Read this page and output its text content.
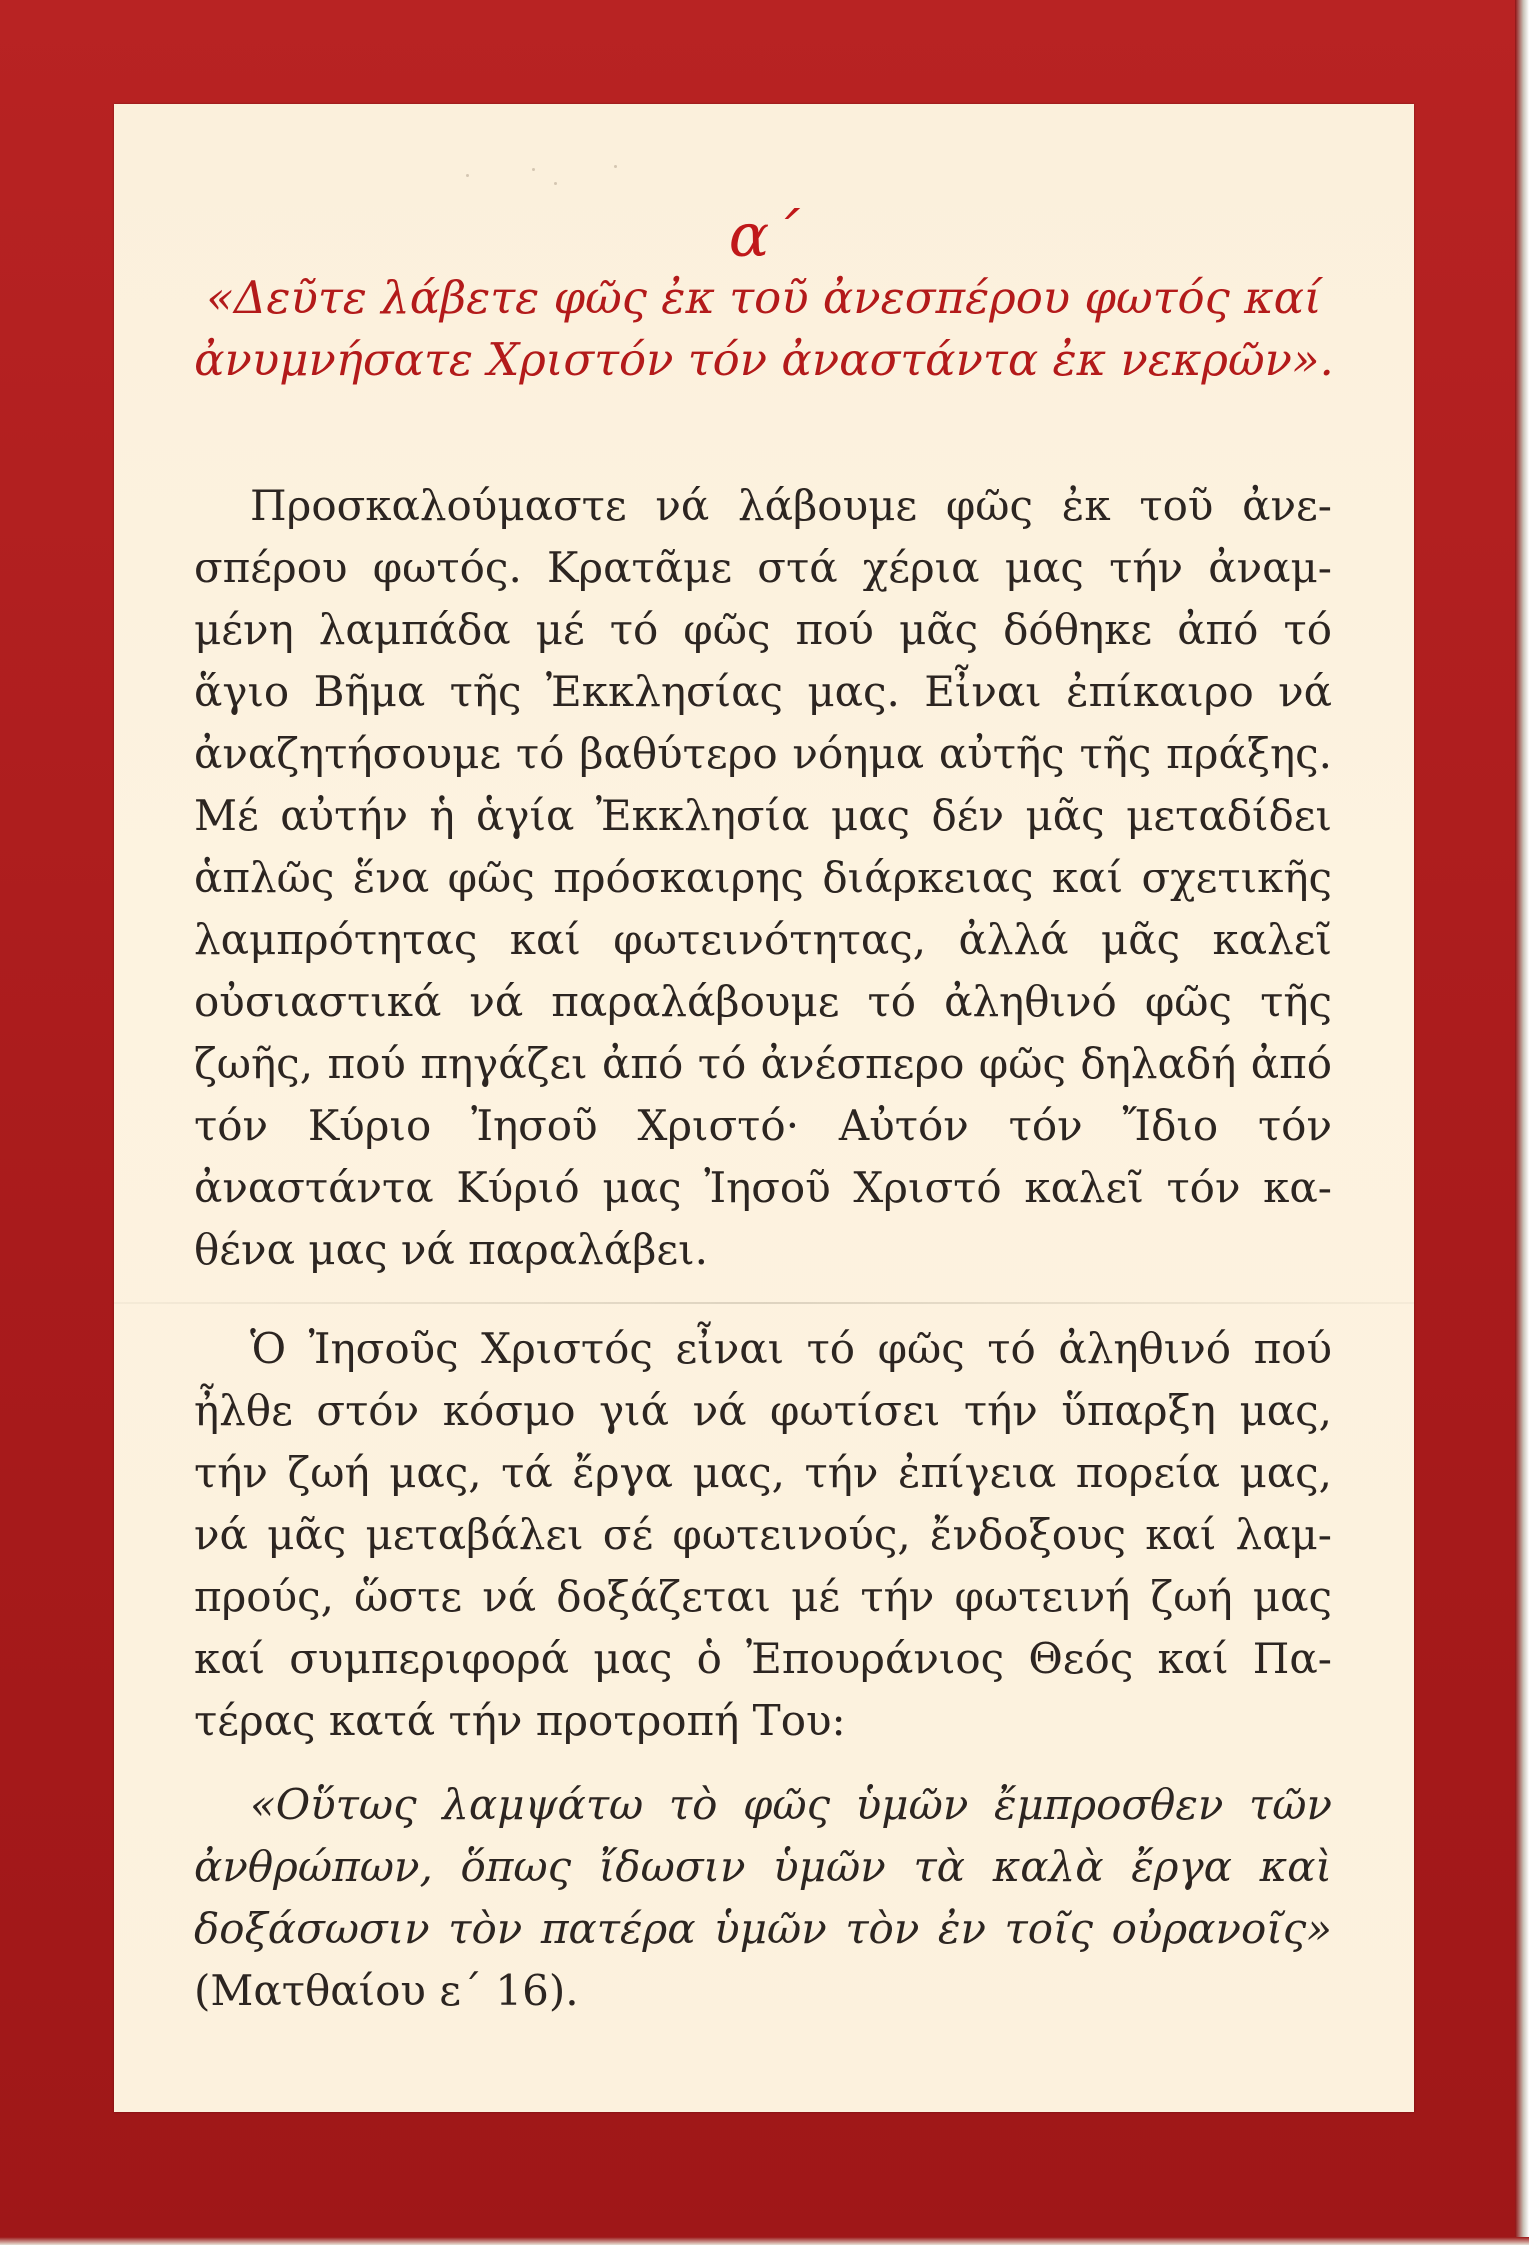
α΄

«Δεῦτε λάβετε φῶς ἐκ τοῦ ἀνεσπέρου φωτός καί ἀνυμνήσατε Χριστόν τόν ἀναστάντα ἐκ νεκρῶν».

Προσκαλούμαστε νά λάβουμε φῶς ἐκ τοῦ ἀνεσπέρου φωτός. Κρατᾶμε στά χέρια μας τήν ἀναμμένη λαμπάδα μέ τό φῶς πού μᾶς δόθηκε ἀπό τό ἅγιο Βῆμα τῆς Ἐκκλησίας μας. Εἶναι ἐπίκαιρο νά ἀναζητήσουμε τό βαθύτερο νόημα αὐτῆς τῆς πράξης. Μέ αὐτήν ἡ ἁγία Ἐκκλησία μας δέν μᾶς μεταδίδει ἁπλῶς ἕνα φῶς πρόσκαιρης διάρκειας καί σχετικῆς λαμπρότητας καί φωτεινότητας, ἀλλά μᾶς καλεῖ οὐσιαστικά νά παραλάβουμε τό ἀληθινό φῶς τῆς ζωῆς, πού πηγάζει ἀπό τό ἀνέσπερο φῶς δηλαδή ἀπό τόν Κύριο Ἰησοῦ Χριστό· Αὐτόν τόν Ἴδιο τόν ἀναστάντα Κύριό μας Ἰησοῦ Χριστό καλεῖ τόν καθένα μας νά παραλάβει.

Ὁ Ἰησοῦς Χριστός εἶναι τό φῶς τό ἀληθινό πού ἦλθε στόν κόσμο γιά νά φωτίσει τήν ὕπαρξη μας, τήν ζωή μας, τά ἔργα μας, τήν ἐπίγεια πορεία μας, νά μᾶς μεταβάλει σέ φωτεινούς, ἔνδοξους καί λαμπρούς, ὥστε νά δοξάζεται μέ τήν φωτεινή ζωή μας καί συμπεριφορά μας ὁ Ἐπουράνιος Θεός καί Πατέρας κατά τήν προτροπή Του:

«Οὕτως λαμψάτω τὸ φῶς ὑμῶν ἔμπροσθεν τῶν ἀνθρώπων, ὅπως ἴδωσιν ὑμῶν τὰ καλὰ ἔργα καὶ δοξάσωσιν τὸν πατέρα ὑμῶν τὸν ἐν τοῖς οὐρανοῖς» (Ματθαίου ε΄ 16).
